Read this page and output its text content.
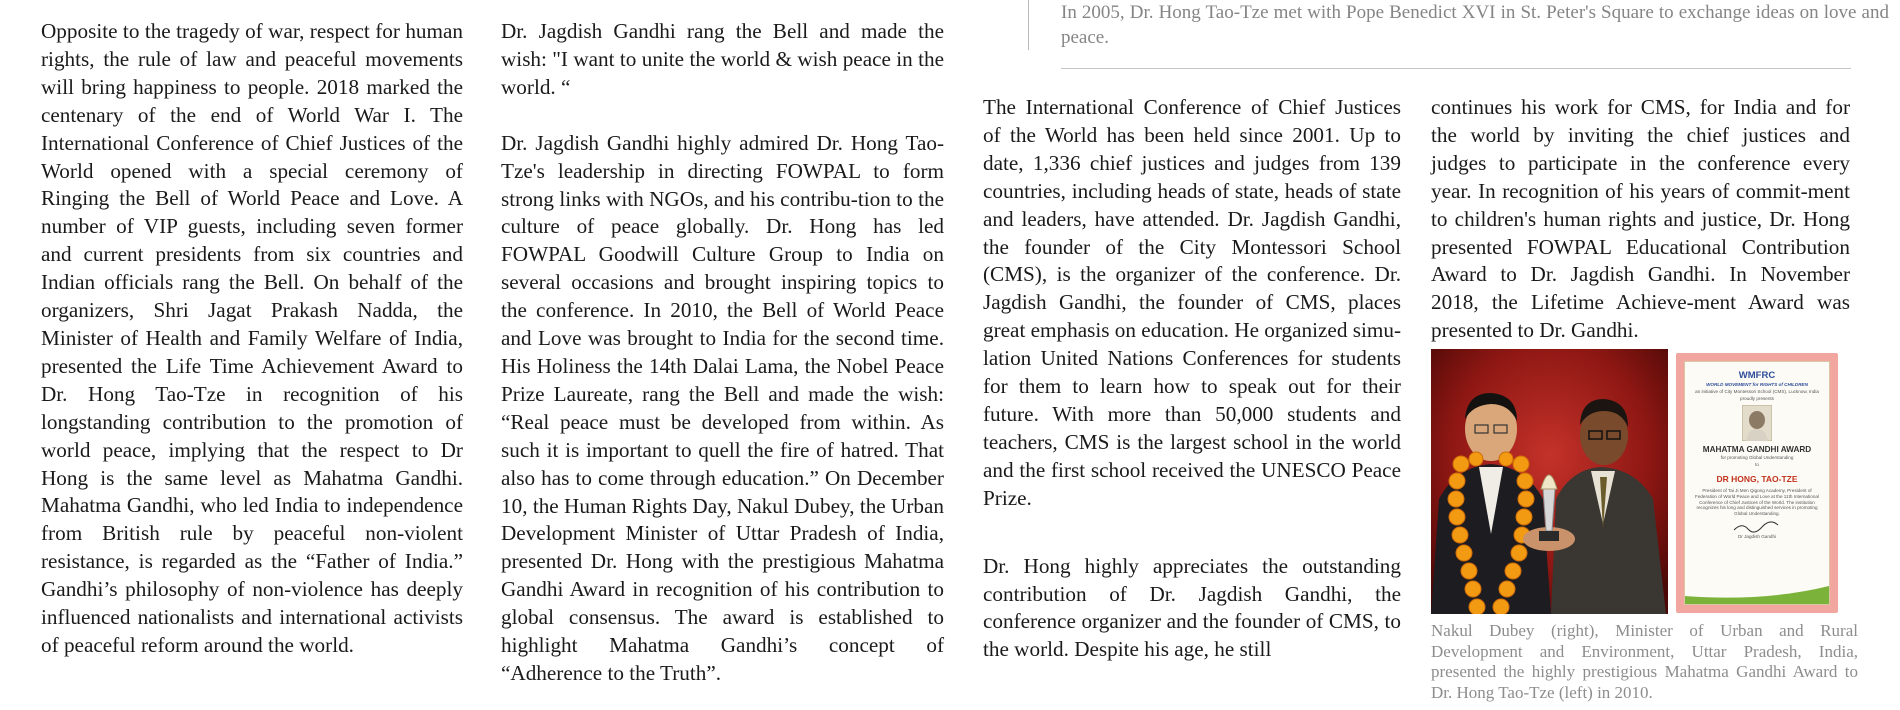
In 2005, Dr. Hong Tao-Tze met with Pope Benedict XVI in St. Peter's Square to exchange ideas on love and peace.

Opposite to the tragedy of war, respect for human rights, the rule of law and peaceful movements will bring happiness to people. 2018 marked the centenary of the end of World War I. The International Conference of Chief Justices of the World opened with a special ceremony of Ringing the Bell of World Peace and Love. A number of VIP guests, including seven former and current presidents from six countries and Indian officials rang the Bell. On behalf of the organizers, Shri Jagat Prakash Nadda, the Minister of Health and Family Welfare of India, presented the Life Time Achievement Award to Dr. Hong Tao-Tze in recognition of his longstanding contribution to the promotion of world peace, implying that the respect to Dr Hong is the same level as Mahatma Gandhi. Mahatma Gandhi, who led India to independence from British rule by peaceful non-violent resistance, is regarded as the “Father of India.” Gandhi’s philosophy of non-violence has deeply influenced nationalists and international activists of peaceful reform around the world.

Dr. Jagdish Gandhi rang the Bell and made the wish: "I want to unite the world & wish peace in the world. “

Dr. Jagdish Gandhi highly admired Dr. Hong Tao-Tze's leadership in directing FOWPAL to form strong links with NGOs, and his contribu-tion to the culture of peace globally. Dr. Hong has led FOWPAL Goodwill Culture Group to India on several occasions and brought inspiring topics to the conference. In 2010, the Bell of World Peace and Love was brought to India for the second time. His Holiness the 14th Dalai Lama, the Nobel Peace Prize Laureate, rang the Bell and made the wish: “Real peace must be developed from within. As such it is important to quell the fire of hatred. That also has to come through education.” On December 10, the Human Rights Day, Nakul Dubey, the Urban Development Minister of Uttar Pradesh of India, presented Dr. Hong with the prestigious Mahatma Gandhi Award in recognition of his contribution to global consensus. The award is established to highlight Mahatma Gandhi’s concept of “Adherence to the Truth”.

The International Conference of Chief Justices of the World has been held since 2001. Up to date, 1,336 chief justices and judges from 139 countries, including heads of state, heads of state and leaders, have attended. Dr. Jagdish Gandhi, the founder of the City Montessori School (CMS), is the organizer of the conference. Dr. Jagdish Gandhi, the founder of CMS, places great emphasis on education. He organized simu-lation United Nations Conferences for students for them to learn how to speak out for their future. With more than 50,000 students and teachers, CMS is the largest school in the world and the first school received the UNESCO Peace Prize.

Dr. Hong highly appreciates the outstanding contribution of Dr. Jagdish Gandhi, the conference organizer and the founder of CMS, to the world. Despite his age, he still

continues his work for CMS, for India and for the world by inviting the chief justices and judges to participate in the conference every year. In recognition of his years of commit-ment to children's human rights and justice, Dr. Hong presented FOWPAL Educational Contribution Award to Dr. Jagdish Gandhi. In November 2018, the Lifetime Achieve-ment Award was presented to Dr. Gandhi.

WMFRC
WORLD MOVEMENT for RIGHTS of CHILDREN
an initiative of City Montessori School (CMS), Lucknow, India
proudly presents
MAHATMA GANDHI AWARD
for promoting Global Understanding
to
DR HONG, TAO-TZE
President of Tai Ji Men Qigong Academy, President of Federation of World Peace and Love at the 11th International Conference of Chief Justices of the World. The institution recognizes his long and distinguished services in promoting Global Understanding.
Dr Jagdish Gandhi
Nakul Dubey (right), Minister of Urban and Rural Development and Environment, Uttar Pradesh, India, presented the highly prestigious Mahatma Gandhi Award to Dr. Hong Tao-Tze (left) in 2010.
